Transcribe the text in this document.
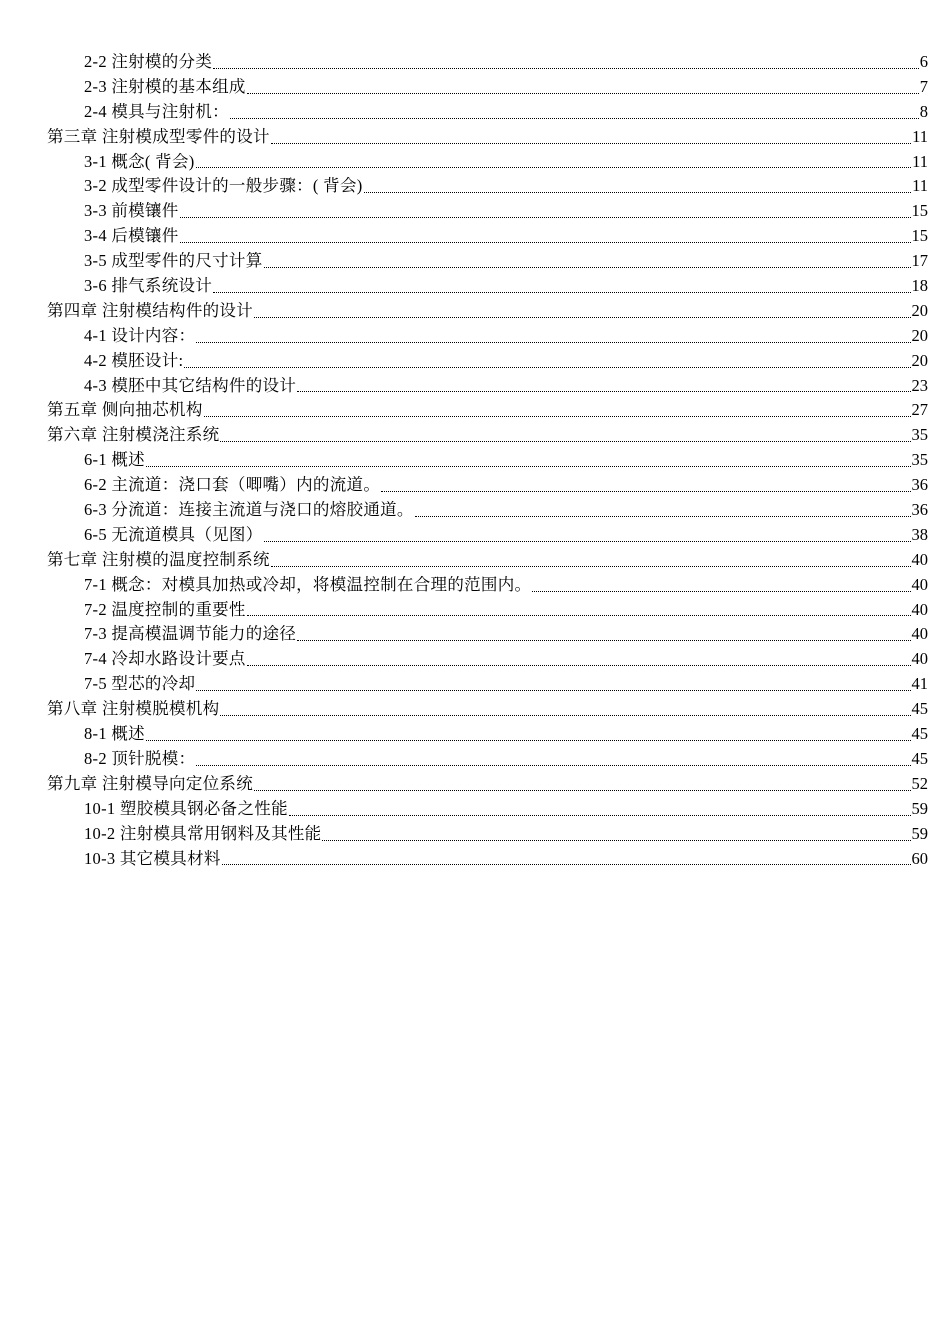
2-2 注射模的分类	6
2-3 注射模的基本组成	7
2-4 模具与注射机：	8
第三章 注射模成型零件的设计	11
3-1 概念( 背会)	11
3-2 成型零件设计的一般步骤：( 背会)	11
3-3 前模镶件	15
3-4 后模镶件	15
3-5 成型零件的尺寸计算	17
3-6 排气系统设计	18
第四章 注射模结构件的设计	20
4-1 设计内容：	20
4-2 模胚设计:	20
4-3 模胚中其它结构件的设计	23
第五章 侧向抽芯机构	27
第六章 注射模浇注系统	35
6-1 概述	35
6-2 主流道：浇口套（唧嘴）内的流道。	36
6-3 分流道：连接主流道与浇口的熔胶通道。	36
6-5 无流道模具（见图）	38
第七章 注射模的温度控制系统	40
7-1 概念：对模具加热或冷却，将模温控制在合理的范围内。	40
7-2 温度控制的重要性	40
7-3 提高模温调节能力的途径	40
7-4 冷却水路设计要点	40
7-5 型芯的冷却	41
第八章 注射模脱模机构	45
8-1 概述	45
8-2 顶针脱模：	45
第九章 注射模导向定位系统	52
10-1 塑胶模具钢必备之性能	59
10-2 注射模具常用钢料及其性能	59
10-3 其它模具材料	60
